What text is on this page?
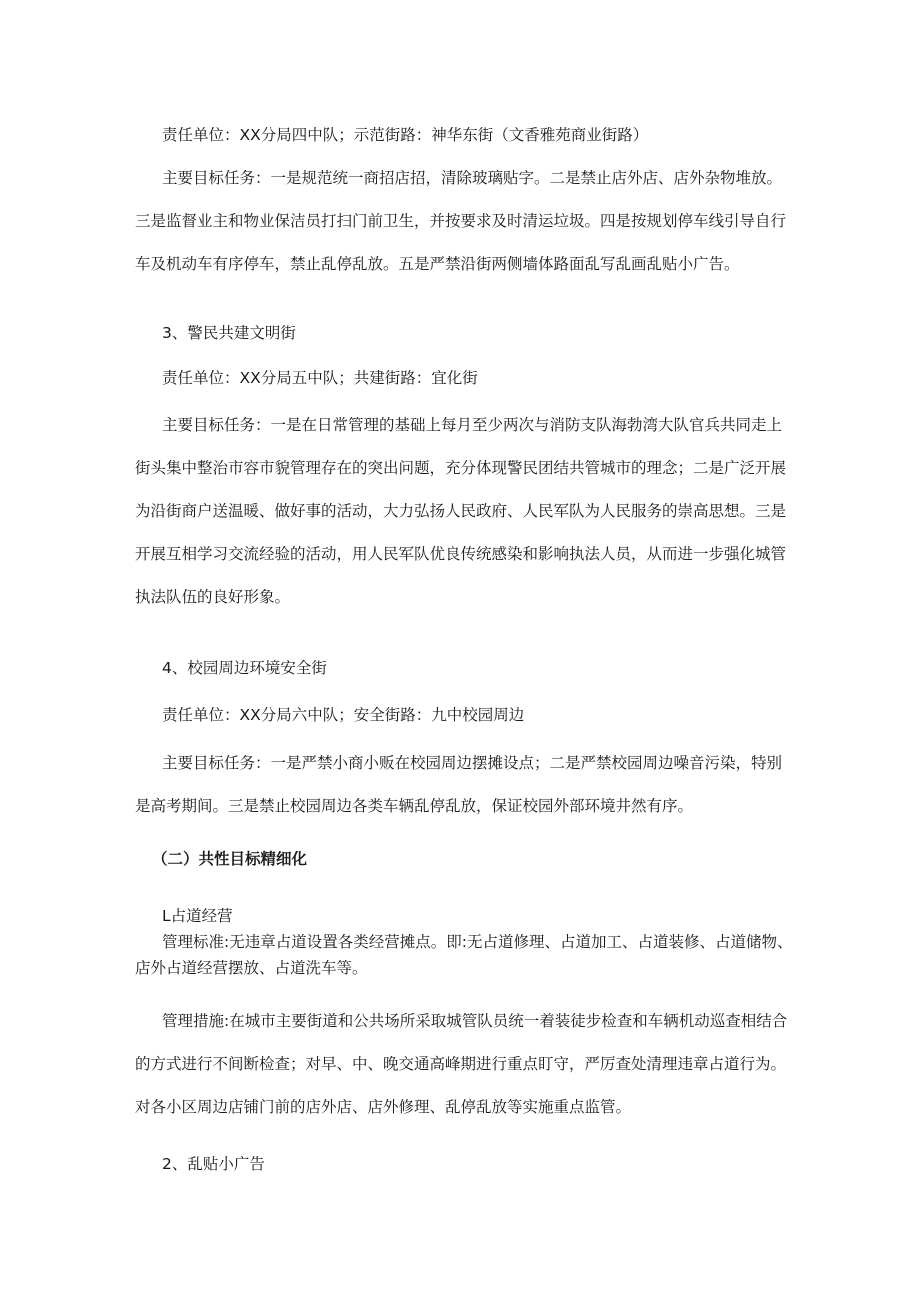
责任单位：XX分局四中队；示范街路：神华东街（文香雅苑商业街路）

主要目标任务：一是规范统一商招店招，清除玻璃贴字。二是禁止店外店、店外杂物堆放。
三是监督业主和物业保洁员打扫门前卫生，并按要求及时清运垃圾。四是按规划停车线引导自行
车及机动车有序停车，禁止乱停乱放。五是严禁沿街两侧墙体路面乱写乱画乱贴小广告。

3、警民共建文明街

责任单位：XX分局五中队；共建街路：宜化街

主要目标任务：一是在日常管理的基础上每月至少两次与消防支队海勃湾大队官兵共同走上
街头集中整治市容市貌管理存在的突出问题，充分体现警民团结共管城市的理念；二是广泛开展
为沿街商户送温暖、做好事的活动，大力弘扬人民政府、人民军队为人民服务的崇高思想。三是
开展互相学习交流经验的活动，用人民军队优良传统感染和影响执法人员，从而进一步强化城管
执法队伍的良好形象。

4、校园周边环境安全街

责任单位：XX分局六中队；安全街路：九中校园周边

主要目标任务：一是严禁小商小贩在校园周边摆摊设点；二是严禁校园周边噪音污染，特别
是高考期间。三是禁止校园周边各类车辆乱停乱放，保证校园外部环境井然有序。

（二）共性目标精细化

L占道经营

管理标准:无违章占道设置各类经营摊点。即:无占道修理、占道加工、占道装修、占道储物、
店外占道经营摆放、占道洗车等。
管理措施:在城市主要街道和公共场所采取城管队员统一着装徒步检查和车辆机动巡查相结合
的方式进行不间断检查；对早、中、晚交通高峰期进行重点盯守，严厉查处清理违章占道行为。
对各小区周边店铺门前的店外店、店外修理、乱停乱放等实施重点监管。

2、乱贴小广告
